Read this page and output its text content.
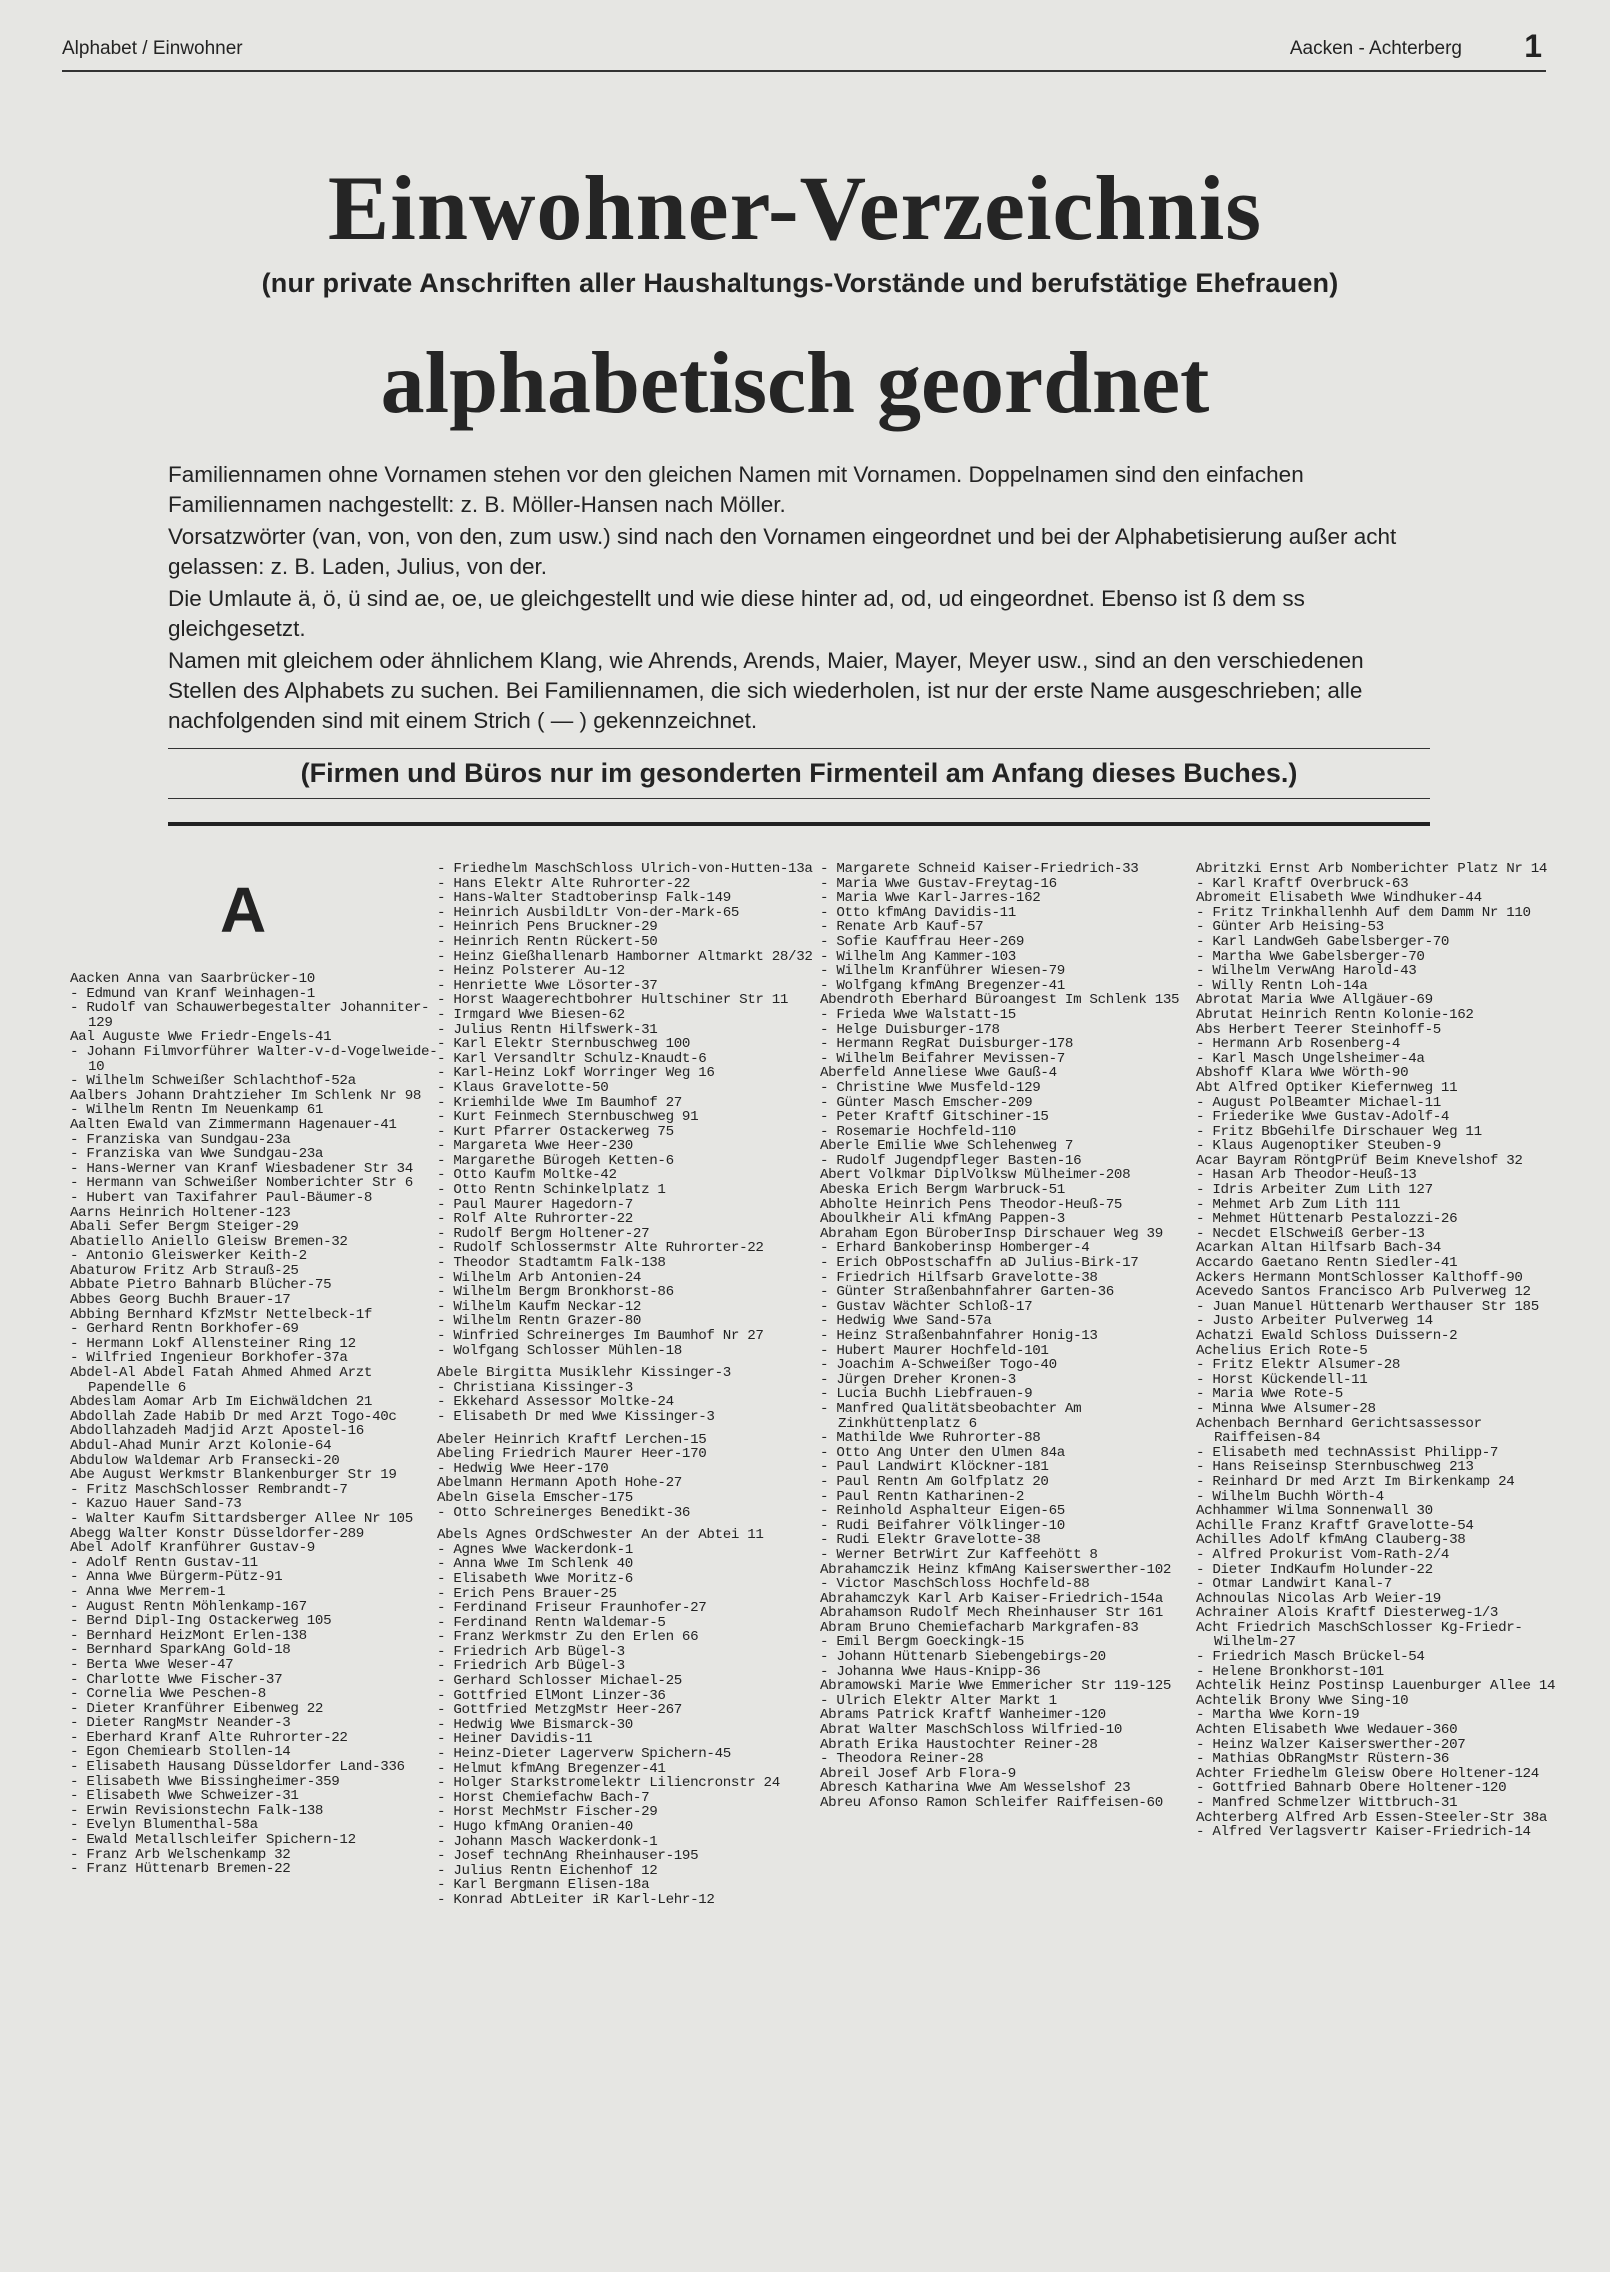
Alphabet / Einwohner	Aacken - Achterberg 1
Einwohner-Verzeichnis
(nur private Anschriften aller Haushaltungs-Vorstände und berufstätige Ehefrauen)
alphabetisch geordnet

Familiennamen ohne Vornamen stehen vor den gleichen Namen mit Vornamen. Doppelnamen sind den einfachen Familiennamen nachgestellt: z. B. Möller-Hansen nach Möller.

Vorsatzwörter (van, von, von den, zum usw.) sind nach den Vornamen eingeordnet und bei der Alphabetisierung außer acht gelassen: z. B. Laden, Julius, von der.

Die Umlaute ä, ö, ü sind ae, oe, ue gleichgestellt und wie diese hinter ad, od, ud eingeordnet. Ebenso ist ß dem ss gleichgesetzt.

Namen mit gleichem oder ähnlichem Klang, wie Ahrends, Arends, Maier, Mayer, Meyer usw., sind an den verschiedenen Stellen des Alphabets zu suchen. Bei Familiennamen, die sich wiederholen, ist nur der erste Name ausgeschrieben; alle nachfolgenden sind mit einem Strich ( — ) gekennzeichnet.

(Firmen und Büros nur im gesonderten Firmenteil am Anfang dieses Buches.)
A
Aacken Anna van Saarbrücker-10
- Edmund van Kranf Weinhagen-1
- Rudolf van Schauwerbegestalter Johanniter-129
Aal Auguste Wwe Friedr-Engels-41
- Johann Filmvorführer Walter-v-d-Vogelweide-10
- Wilhelm Schweißer Schlachthof-52a
Aalbers Johann Drahtzieher Im Schlenk Nr 98
- Wilhelm Rentn Im Neuenkamp 61
Aalten Ewald van Zimmermann Hagenauer-41
- Franziska van Sundgau-23a
- Franziska van Wwe Sundgau-23a
- Hans-Werner van Kranf Wiesbadener Str 34
- Hermann van Schweißer Nomberichter Str 6
- Hubert van Taxifahrer Paul-Bäumer-8
Aarns Heinrich Holtener-123
Abali Sefer Bergm Steiger-29
Abatiello Aniello Gleisw Bremen-32
- Antonio Gleiswerker Keith-2
Abaturow Fritz Arb Strauß-25
Abbate Pietro Bahnarb Blücher-75
Abbes Georg Buchh Brauer-17
Abbing Bernhard KfzMstr Nettelbeck-1f
- Gerhard Rentn Borkhofer-69
- Hermann Lokf Allensteiner Ring 12
- Wilfried Ingenieur Borkhofer-37a
Abdel-Al Abdel Fatah Ahmed Ahmed Arzt Papendelle 6
Abdeslam Aomar Arb Im Eichwäldchen 21
Abdollah Zade Habib Dr med Arzt Togo-40c
Abdollahzadeh Madjid Arzt Apostel-16
Abdul-Ahad Munir Arzt Kolonie-64
Abdulow Waldemar Arb Fransecki-20
Abe August Werkmstr Blankenburger Str 19
- Fritz MaschSchlosser Rembrandt-7
- Kazuo Hauer Sand-73
- Walter Kaufm Sittardsberger Allee Nr 105
Abegg Walter Konstr Düsseldorfer-289
Abel Adolf Kranführer Gustav-9
- Adolf Rentn Gustav-11
- Anna Wwe Bürgerm-Pütz-91
- Anna Wwe Merrem-1
- August Rentn Möhlenkamp-167
- Bernd Dipl-Ing Ostackerweg 105
- Bernhard HeizMont Erlen-138
- Bernhard SparkAng Gold-18
- Berta Wwe Weser-47
- Charlotte Wwe Fischer-37
- Cornelia Wwe Peschen-8
- Dieter Kranführer Eibenweg 22
- Dieter RangMstr Neander-3
- Eberhard Kranf Alte Ruhrorter-22
- Egon Chemiearb Stollen-14
- Elisabeth Hausang Düsseldorfer Land-336
- Elisabeth Wwe Bissingheimer-359
- Elisabeth Wwe Schweizer-31
- Erwin Revisionstechn Falk-138
- Evelyn Blumenthal-58a
- Ewald Metallschleifer Spichern-12
- Franz Arb Welschenkamp 32
- Franz Hüttenarb Bremen-22
- Friedhelm MaschSchloss Ulrich-von-Hutten-13a
- Hans Elektr Alte Ruhrorter-22
- Hans-Walter Stadtoberinsp Falk-149
- Heinrich AusbildLtr Von-der-Mark-65
- Heinrich Pens Bruckner-29
- Heinrich Rentn Rückert-50
- Heinz Gießhallenarb Hamborner Altmarkt 28/32
- Heinz Polsterer Au-12
- Henriette Wwe Lösorter-37
- Horst Waagerechtbohrer Hultschiner Str 11
- Irmgard Wwe Biesen-62
- Julius Rentn Hilfswerk-31
- Karl Elektr Sternbuschweg 100
- Karl Versandltr Schulz-Knaudt-6
- Karl-Heinz Lokf Worringer Weg 16
- Klaus Gravelotte-50
- Kriemhilde Wwe Im Baumhof 27
- Kurt Feinmech Sternbuschweg 91
- Kurt Pfarrer Ostackerweg 75
- Margareta Wwe Heer-230
- Margarethe Bürogeh Ketten-6
- Otto Kaufm Moltke-42
- Otto Rentn Schinkelplatz 1
- Paul Maurer Hagedorn-7
- Rolf Alte Ruhrorter-22
- Rudolf Bergm Holtener-27
- Rudolf Schlossermstr Alte Ruhrorter-22
- Theodor Stadtamtm Falk-138
- Wilhelm Arb Antonien-24
- Wilhelm Bergm Bronkhorst-86
- Wilhelm Kaufm Neckar-12
- Wilhelm Rentn Grazer-80
- Winfried Schreinerges Im Baumhof Nr 27
- Wolfgang Schlosser Mühlen-18
Abele Birgitta Musiklehr Kissinger-3
- Christiana Kissinger-3
- Ekkehard Assessor Moltke-24
- Elisabeth Dr med Wwe Kissinger-3
Abeler Heinrich Kraftf Lerchen-15
Abeling Friedrich Maurer Heer-170
- Hedwig Wwe Heer-170
Abelmann Hermann Apoth Hohe-27
Abeln Gisela Emscher-175
- Otto Schreinerges Benedikt-36
Abels Agnes OrdSchwester An der Abtei 11
- Agnes Wwe Wackerdonk-1
- Anna Wwe Im Schlenk 40
- Elisabeth Wwe Moritz-6
- Erich Pens Brauer-25
- Ferdinand Friseur Fraunhofer-27
- Ferdinand Rentn Waldemar-5
- Franz Werkmstr Zu den Erlen 66
- Friedrich Arb Bügel-3
- Friedrich Arb Bügel-3
- Gerhard Schlosser Michael-25
- Gottfried ElMont Linzer-36
- Gottfried MetzgMstr Heer-267
- Hedwig Wwe Bismarck-30
- Heiner Davidis-11
- Heinz-Dieter Lagerverw Spichern-45
- Helmut kfmAng Bregenzer-41
- Holger Starkstromelektr Liliencronstr 24
- Horst Chemiefachw Bach-7
- Horst MechMstr Fischer-29
- Hugo kfmAng Oranien-40
- Johann Masch Wackerdonk-1
- Josef technAng Rheinhauser-195
- Julius Rentn Eichenhof 12
- Karl Bergmann Elisen-18a
- Konrad AbtLeiter iR Karl-Lehr-12
- Margarete Schneid Kaiser-Friedrich-33
- Maria Wwe Gustav-Freytag-16
- Maria Wwe Karl-Jarres-162
- Otto kfmAng Davidis-11
- Renate Arb Kauf-57
- Sofie Kauffrau Heer-269
- Wilhelm Ang Kammer-103
- Wilhelm Kranführer Wiesen-79
- Wolfgang kfmAng Bregenzer-41
Abendroth Eberhard Büroangest Im Schlenk 135
- Frieda Wwe Walstatt-15
- Helge Duisburger-178
- Hermann RegRat Duisburger-178
- Wilhelm Beifahrer Mevissen-7
Aberfeld Anneliese Wwe Gauß-4
- Christine Wwe Musfeld-129
- Günter Masch Emscher-209
- Peter Kraftf Gitschiner-15
- Rosemarie Hochfeld-110
Aberle Emilie Wwe Schlehenweg 7
- Rudolf Jugendpfleger Basten-16
Abert Volkmar DiplVolksw Mülheimer-208
Abeska Erich Bergm Warbruck-51
Abholte Heinrich Pens Theodor-Heuß-75
Aboulkheir Ali kfmAng Pappen-3
Abraham Egon BüroberInsp Dirschauer Weg 39
- Erhard Bankoberinsp Homberger-4
- Erich ObPostschaffn aD Julius-Birk-17
- Friedrich Hilfsarb Gravelotte-38
- Günter Straßenbahnfahrer Garten-36
- Gustav Wächter Schloß-17
- Hedwig Wwe Sand-57a
- Heinz Straßenbahnfahrer Honig-13
- Hubert Maurer Hochfeld-101
- Joachim A-Schweißer Togo-40
- Jürgen Dreher Kronen-3
- Lucia Buchh Liebfrauen-9
- Manfred Qualitätsbeobachter Am Zinkhüttenplatz 6
- Mathilde Wwe Ruhrorter-88
- Otto Ang Unter den Ulmen 84a
- Paul Landwirt Klöckner-181
- Paul Rentn Am Golfplatz 20
- Paul Rentn Katharinen-2
- Reinhold Asphalteur Eigen-65
- Rudi Beifahrer Völklinger-10
- Rudi Elektr Gravelotte-38
- Werner BetrWirt Zur Kaffeehött 8
Abrahamczik Heinz kfmAng Kaiserswerther-102
- Victor MaschSchloss Hochfeld-88
Abrahamczyk Karl Arb Kaiser-Friedrich-154a
Abrahamson Rudolf Mech Rheinhauser Str 161
Abram Bruno Chemiefacharb Markgrafen-83
- Emil Bergm Goeckingk-15
- Johann Hüttenarb Siebengebirgs-20
- Johanna Wwe Haus-Knipp-36
Abramowski Marie Wwe Emmericher Str 119-125
- Ulrich Elektr Alter Markt 1
Abrams Patrick Kraftf Wanheimer-120
Abrat Walter MaschSchloss Wilfried-10
Abrath Erika Haustochter Reiner-28
- Theodora Reiner-28
Abreil Josef Arb Flora-9
Abresch Katharina Wwe Am Wesselshof 23
Abreu Afonso Ramon Schleifer Raiffeisen-60
Abritzki Ernst Arb Nomberichter Platz Nr 14
- Karl Kraftf Overbruck-63
Abromeit Elisabeth Wwe Windhuker-44
- Fritz Trinkhallenhh Auf dem Damm Nr 110
- Günter Arb Heising-53
- Karl LandwGeh Gabelsberger-70
- Martha Wwe Gabelsberger-70
- Wilhelm VerwAng Harold-43
- Willy Rentn Loh-14a
Abrotat Maria Wwe Allgäuer-69
Abrutat Heinrich Rentn Kolonie-162
Abs Herbert Teerer Steinhoff-5
- Hermann Arb Rosenberg-4
- Karl Masch Ungelsheimer-4a
Abshoff Klara Wwe Wörth-90
Abt Alfred Optiker Kiefernweg 11
- August PolBeamter Michael-11
- Friederike Wwe Gustav-Adolf-4
- Fritz BbGehilfe Dirschauer Weg 11
- Klaus Augenoptiker Steuben-9
Acar Bayram RöntgPrüf Beim Knevelshof 32
- Hasan Arb Theodor-Heuß-13
- Idris Arbeiter Zum Lith 127
- Mehmet Arb Zum Lith 111
- Mehmet Hüttenarb Pestalozzi-26
- Necdet ElSchweiß Gerber-13
Acarkan Altan Hilfsarb Bach-34
Accardo Gaetano Rentn Siedler-41
Ackers Hermann MontSchlosser Kalthoff-90
Acevedo Santos Francisco Arb Pulverweg 12
- Juan Manuel Hüttenarb Werthauser Str 185
- Justo Arbeiter Pulverweg 14
Achatzi Ewald Schloss Duissern-2
Achelius Erich Rote-5
- Fritz Elektr Alsumer-28
- Horst Kückendell-11
- Maria Wwe Rote-5
- Minna Wwe Alsumer-28
Achenbach Bernhard Gerichtsassessor Raiffeisen-84
- Elisabeth med technAssist Philipp-7
- Hans Reiseinsp Sternbuschweg 213
- Reinhard Dr med Arzt Im Birkenkamp 24
- Wilhelm Buchh Wörth-4
Achhammer Wilma Sonnenwall 30
Achille Franz Kraftf Gravelotte-54
Achilles Adolf kfmAng Clauberg-38
- Alfred Prokurist Vom-Rath-2/4
- Dieter IndKaufm Holunder-22
- Otmar Landwirt Kanal-7
Achnoulas Nicolas Arb Weier-19
Achrainer Alois Kraftf Diesterweg-1/3
Acht Friedrich MaschSchlosser Kg-Friedr-Wilhelm-27
- Friedrich Masch Brückel-54
- Helene Bronkhorst-101
Achtelik Heinz Postinsp Lauenburger Allee 14
Achtelik Brony Wwe Sing-10
- Martha Wwe Korn-19
Achten Elisabeth Wwe Wedauer-360
- Heinz Walzer Kaiserswerther-207
- Mathias ObRangMstr Rüstern-36
Achter Friedhelm Gleisw Obere Holtener-124
- Gottfried Bahnarb Obere Holtener-120
- Manfred Schmelzer Wittbruch-31
Achterberg Alfred Arb Essen-Steeler-Str 38a
- Alfred Verlagsvertr Kaiser-Friedrich-14
